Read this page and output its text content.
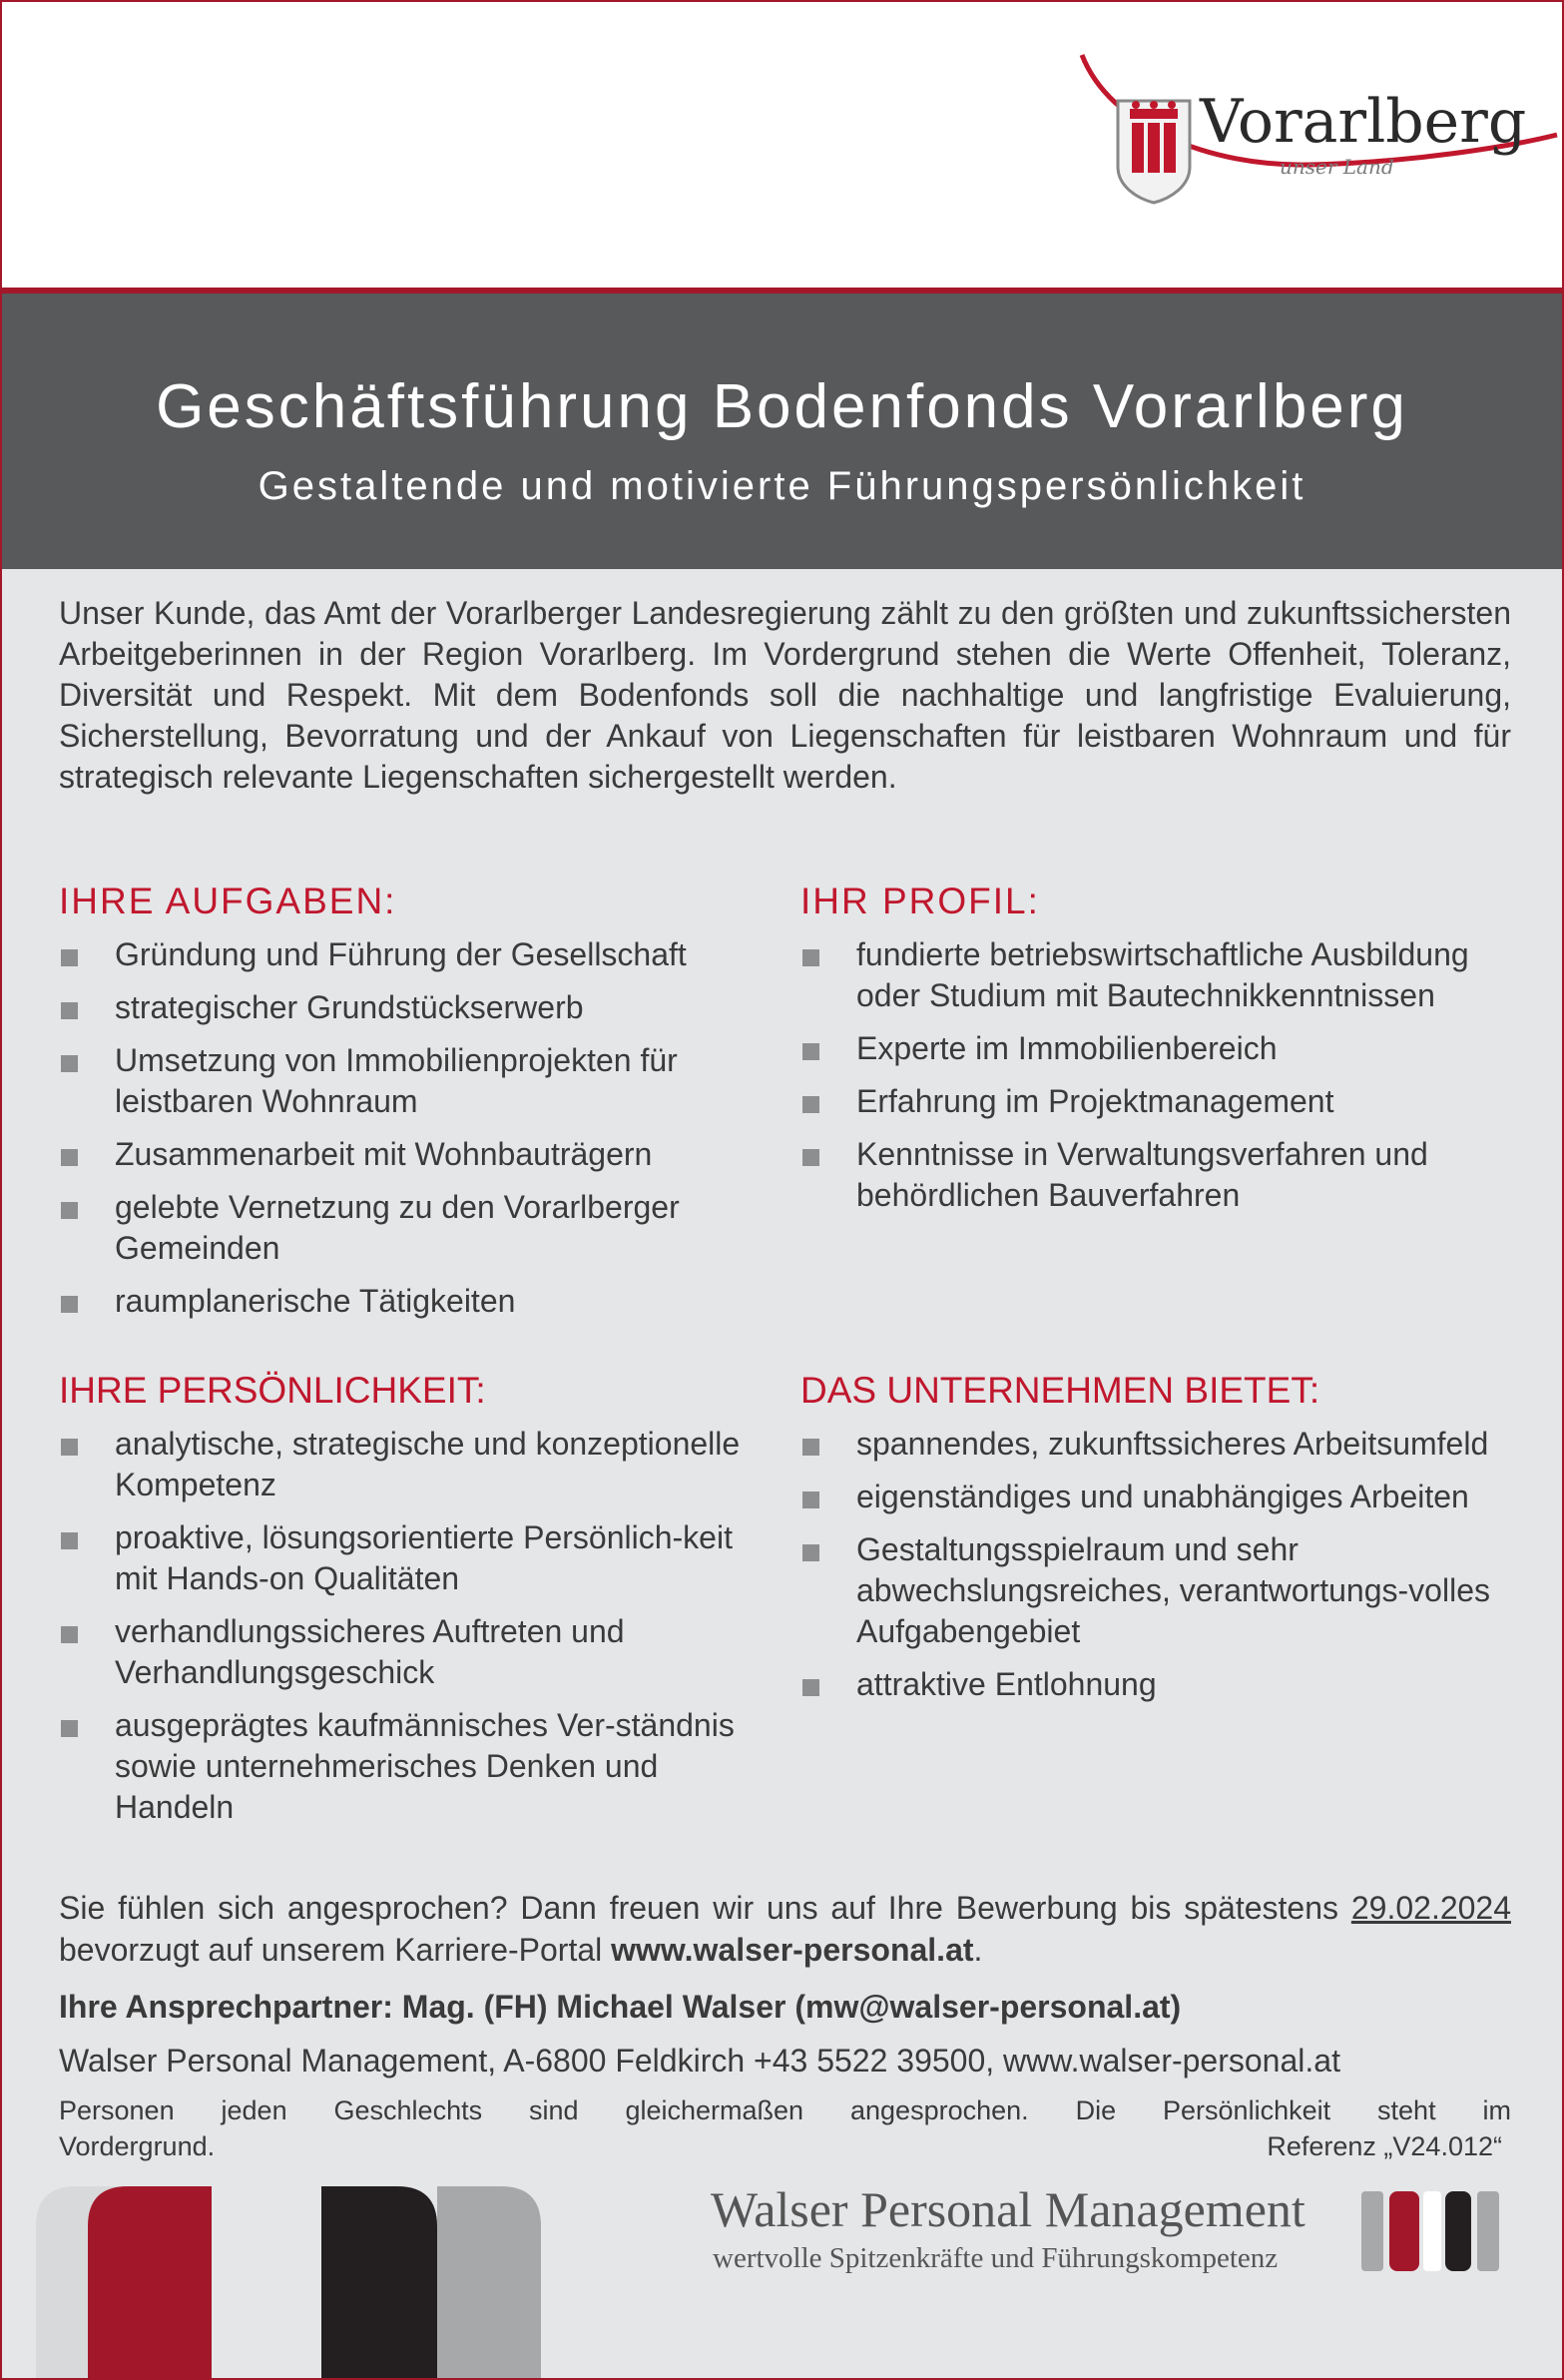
Vorarlberg
unser Land
Geschäftsführung Bodenfonds Vorarlberg
Gestaltende und motivierte Führungspersönlichkeit

Unser Kunde, das Amt der Vorarlberger Landesregierung zählt zu den größten und zukunftssichersten Arbeitgeberinnen in der Region Vorarlberg. Im Vordergrund stehen die Werte Offenheit, Toleranz, Diversität und Respekt. Mit dem Bodenfonds soll die nachhaltige und langfristige Evaluierung, Sicherstellung, Bevorratung und der Ankauf von Liegenschaften für leistbaren Wohnraum und für strategisch relevante Liegenschaften sichergestellt werden.

IHRE AUFGABEN:
Gründung und Führung der Gesellschaft
strategischer Grundstückserwerb
Umsetzung von Immobilienprojekten für leistbaren Wohnraum
Zusammenarbeit mit Wohnbauträgern
gelebte Vernetzung zu den Vorarlberger Gemeinden
raumplanerische Tätigkeiten
IHR PROFIL:
fundierte betriebswirtschaftliche Ausbildung oder Studium mit Bautechnikkenntnissen
Experte im Immobilienbereich
Erfahrung im Projektmanagement
Kenntnisse in Verwaltungsverfahren und behördlichen Bauverfahren
IHRE PERSÖNLICHKEIT:
analytische, strategische und konzeptionelle Kompetenz
proaktive, lösungsorientierte Persönlich-keit mit Hands-on Qualitäten
verhandlungssicheres Auftreten und Verhandlungsgeschick
ausgeprägtes kaufmännisches Ver-ständnis sowie unternehmerisches Denken und Handeln
DAS UNTERNEHMEN BIETET:
spannendes, zukunftssicheres Arbeitsumfeld
eigenständiges und unabhängiges Arbeiten
Gestaltungsspielraum und sehr abwechslungsreiches, verantwortungs-volles Aufgabengebiet
attraktive Entlohnung

Sie fühlen sich angesprochen? Dann freuen wir uns auf Ihre Bewerbung bis spätestens 29.02.2024 bevorzugt auf unserem Karriere-Portal www.walser-personal.at.

Ihre Ansprechpartner: Mag. (FH) Michael Walser (mw@walser-personal.at)
Walser Personal Management, A-6800 Feldkirch +43 5522 39500, www.walser-personal.at
Personen jeden Geschlechts sind gleichermaßen angesprochen. Die Persönlichkeit steht im
Vordergrund.	Referenz „V24.012“
Walser Personal Management
wertvolle Spitzenkräfte und Führungskompetenz
